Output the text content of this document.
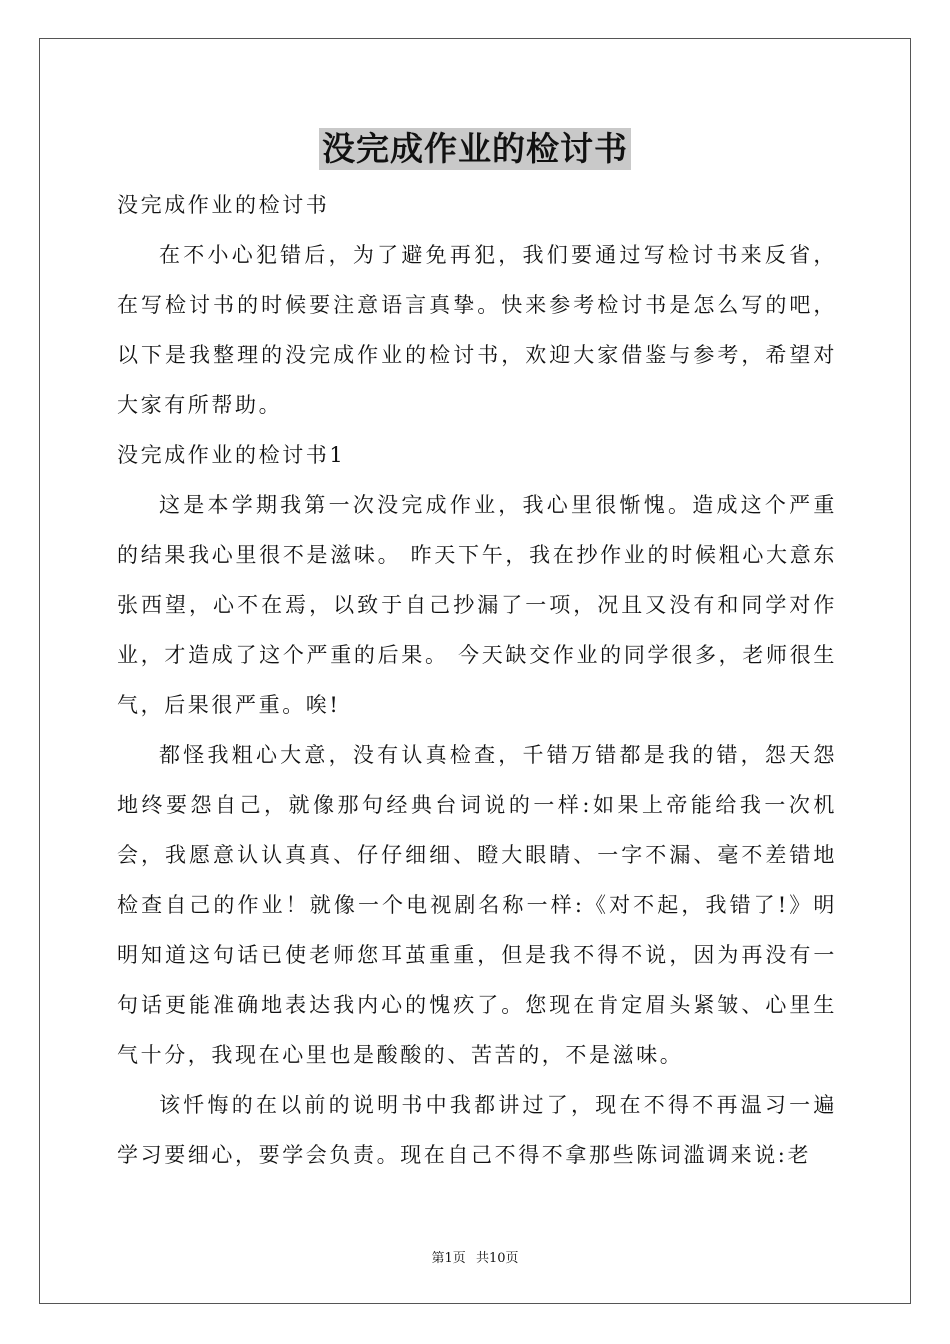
没完成作业的检讨书
没完成作业的检讨书

在不小心犯错后，为了避免再犯，我们要通过写检讨书来反省，在写检讨书的时候要注意语言真挚。快来参考检讨书是怎么写的吧，以下是我整理的没完成作业的检讨书，欢迎大家借鉴与参考，希望对大家有所帮助。

没完成作业的检讨书1

这是本学期我第一次没完成作业，我心里很惭愧。造成这个严重的结果我心里很不是滋味。 昨天下午，我在抄作业的时候粗心大意东张西望，心不在焉，以致于自己抄漏了一项，况且又没有和同学对作业，才造成了这个严重的后果。 今天缺交作业的同学很多，老师很生气，后果很严重。唉!

都怪我粗心大意，没有认真检查，千错万错都是我的错，怨天怨地终要怨自己，就像那句经典台词说的一样:如果上帝能给我一次机会，我愿意认认真真、仔仔细细、瞪大眼睛、一字不漏、毫不差错地检查自己的作业！就像一个电视剧名称一样:《对不起，我错了!》明明知道这句话已使老师您耳茧重重，但是我不得不说，因为再没有一句话更能准确地表达我内心的愧疚了。您现在肯定眉头紧皱、心里生气十分，我现在心里也是酸酸的、苦苦的，不是滋味。

该忏悔的在以前的说明书中我都讲过了，现在不得不再温习一遍学习要细心，要学会负责。现在自己不得不拿那些陈词滥调来说:老

第1页 共10页
